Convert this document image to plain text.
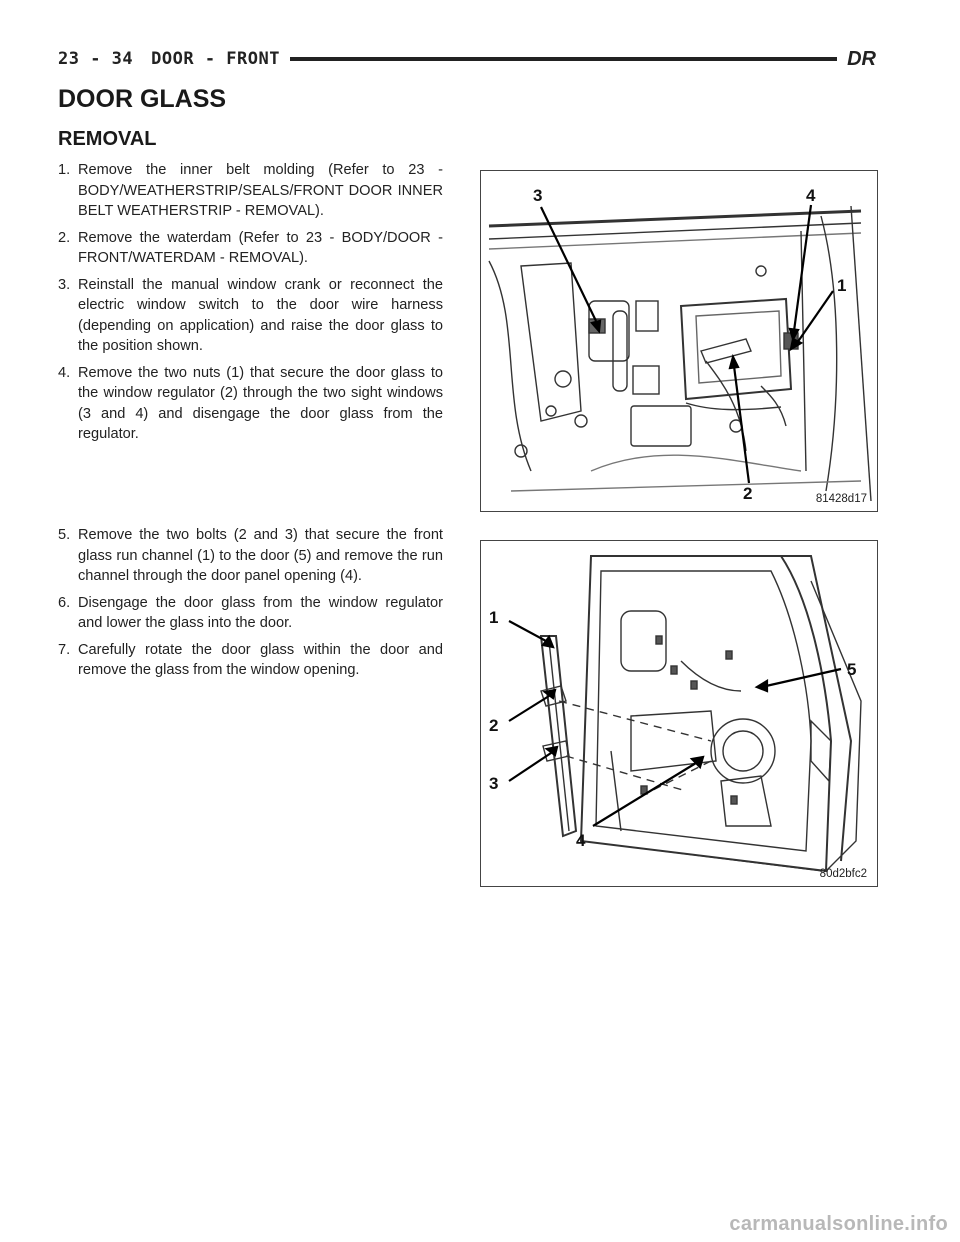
23 - 34 DOOR - FRONT	DR
DOOR GLASS
REMOVAL
1. Remove the inner belt molding (Refer to 23 - BODY/WEATHERSTRIP/SEALS/FRONT DOOR INNER BELT WEATHERSTRIP - REMOVAL).
2. Remove the waterdam (Refer to 23 - BODY/DOOR - FRONT/WATERDAM - REMOVAL).
3. Reinstall the manual window crank or reconnect the electric window switch to the door wire harness (depending on application) and raise the door glass to the position shown.
4. Remove the two nuts (1) that secure the door glass to the window regulator (2) through the two sight windows (3 and 4) and disengage the door glass from the regulator.
5. Remove the two bolts (2 and 3) that secure the front glass run channel (1) to the door (5) and remove the run channel through the door panel opening (4).
6. Disengage the door glass from the window regulator and lower the glass into the door.
7. Carefully rotate the door glass within the door and remove the glass from the window opening.
3	4
1
2	81428d17
1
5
2
3
4
80d2bfc2
carmanualsonline.info
